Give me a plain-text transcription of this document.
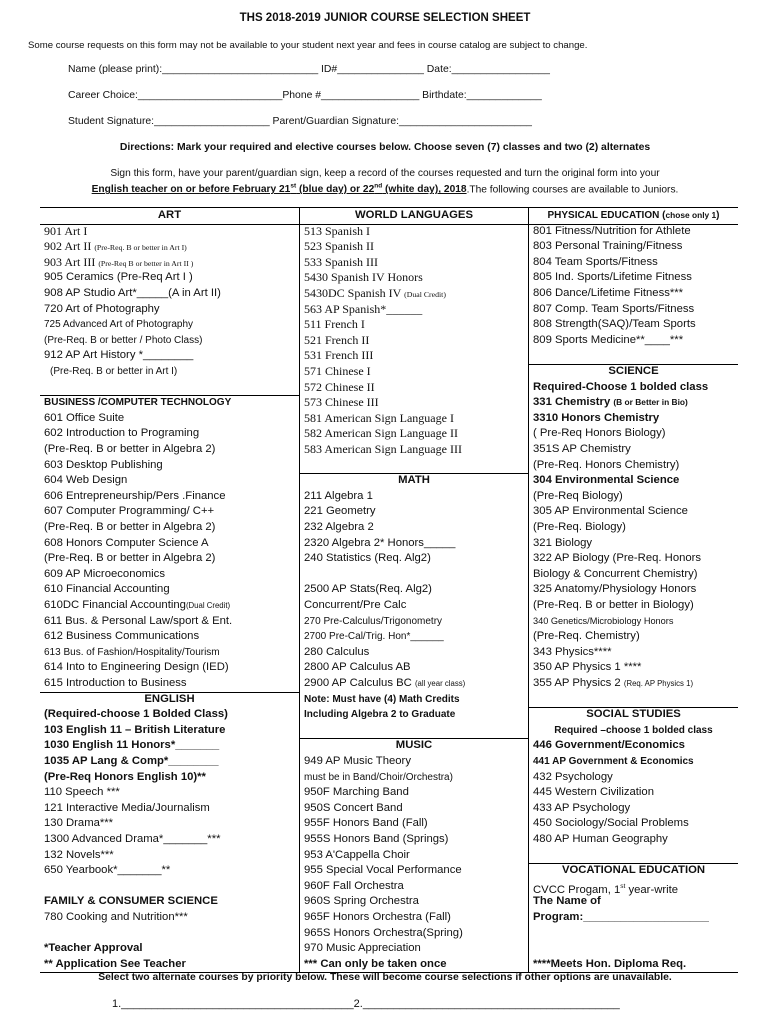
THS 2018-2019 JUNIOR COURSE SELECTION SHEET
Some course requests on this form may not be available to your student next year and fees in course catalog are subject to change.
Name (please print):___________________________ ID#_______________ Date:_________________
Career Choice:_________________________Phone #_________________ Birthdate:_____________
Student Signature:____________________ Parent/Guardian Signature:_______________________
Directions: Mark your required and elective courses below. Choose seven (7) classes and two (2) alternates
Sign this form, have your parent/guardian sign, keep a record of the courses requested and turn the original form into your
English teacher on or before February 21st (blue day) or 22nd (white day), 2018.The following courses are available to Juniors.
ART
901 Art I
902 Art II (Pre-Req. B or better in Art I)
903 Art III (Pre-Req B or better in Art II )
905 Ceramics (Pre-Req Art I )
908 AP Studio Art*_____(A in Art II)
720 Art of Photography
725 Advanced Art of Photography
(Pre-Req. B or better / Photo Class)
912 AP Art History *________
(Pre-Req. B or better in Art I)
BUSINESS /COMPUTER TECHNOLOGY
601 Office Suite
602 Introduction to Programing
(Pre-Req. B or better in Algebra 2)
603 Desktop Publishing
604 Web Design
606 Entrepreneurship/Pers .Finance
607 Computer Programming/ C++
(Pre-Req. B or better in Algebra 2)
608 Honors Computer Science A
(Pre-Req. B or better in Algebra 2)
609 AP Microeconomics
610 Financial Accounting
610DC Financial Accounting(Dual Credit)
611 Bus. & Personal Law/sport & Ent.
612 Business Communications
613 Bus. of Fashion/Hospitality/Tourism
614 Into to Engineering Design (IED)
615 Introduction to Business
ENGLISH
(Required-choose 1 Bolded Class)
103 English 11 – British Literature
1030 English 11 Honors*_______
1035 AP Lang & Comp*________
(Pre-Req Honors English 10)**
110 Speech ***
121 Interactive Media/Journalism
130 Drama***
1300 Advanced Drama*_______***
132 Novels***
650 Yearbook*_______**
FAMILY & CONSUMER SCIENCE
780 Cooking and Nutrition***
*Teacher Approval
** Application See Teacher
WORLD LANGUAGES
513 Spanish I
523 Spanish II
533 Spanish III
5430 Spanish IV Honors
5430DC Spanish IV (Dual Credit)
563 AP Spanish*______
511 French I
521 French II
531 French III
571 Chinese I
572 Chinese II
573 Chinese III
581 American Sign Language I
582 American Sign Language II
583 American Sign Language III
MATH
211 Algebra 1
221 Geometry
232 Algebra 2
2320 Algebra 2* Honors_____
240 Statistics (Req. Alg2)
2500 AP Stats(Req. Alg2)
Concurrent/Pre Calc
270 Pre-Calculus/Trigonometry
2700 Pre-Cal/Trig. Hon*______
280 Calculus
2800 AP Calculus AB
2900 AP Calculus BC (all year class)
Note: Must have (4) Math Credits
Including Algebra 2 to Graduate
MUSIC
949 AP Music Theory
must be in Band/Choir/Orchestra)
950F Marching Band
950S Concert Band
955F Honors Band (Fall)
955S Honors Band (Springs)
953 A'Cappella Choir
955 Special Vocal Performance
960F Fall Orchestra
960S Spring Orchestra
965F Honors Orchestra (Fall)
965S Honors Orchestra(Spring)
970 Music Appreciation
*** Can only be taken once
PHYSICAL EDUCATION (chose only 1)
801 Fitness/Nutrition for Athlete
803 Personal Training/Fitness
804 Team Sports/Fitness
805 Ind. Sports/Lifetime Fitness
806 Dance/Lifetime Fitness***
807 Comp. Team Sports/Fitness
808 Strength(SAQ)/Team Sports
809 Sports Medicine**____***
SCIENCE
Required-Choose 1 bolded class
331 Chemistry (B or Better in Bio)
3310 Honors Chemistry
( Pre-Req Honors Biology)
351S AP Chemistry
(Pre-Req. Honors Chemistry)
304 Environmental Science
(Pre-Req Biology)
305 AP Environmental Science
(Pre-Req. Biology)
321 Biology
322 AP Biology (Pre-Req. Honors
Biology & Concurrent Chemistry)
325 Anatomy/Physiology Honors
(Pre-Req. B or better in Biology)
340 Genetics/Microbiology Honors
(Pre-Req. Chemistry)
343 Physics****
350 AP Physics 1 ****
355 AP Physics 2 (Req. AP Physics 1)
SOCIAL STUDIES
Required –choose 1 bolded class
446 Government/Economics
441 AP Government & Economics
432 Psychology
445 Western Civilization
433 AP Psychology
450 Sociology/Social Problems
480 AP Human Geography
VOCATIONAL EDUCATION
CVCC Progam, 1st year-write
The Name of
Program:____________________
****Meets Hon. Diploma Req.
Select two alternate courses by priority below. These will become course selections if other options are unavailable.
1.______________________________________2.__________________________________________
